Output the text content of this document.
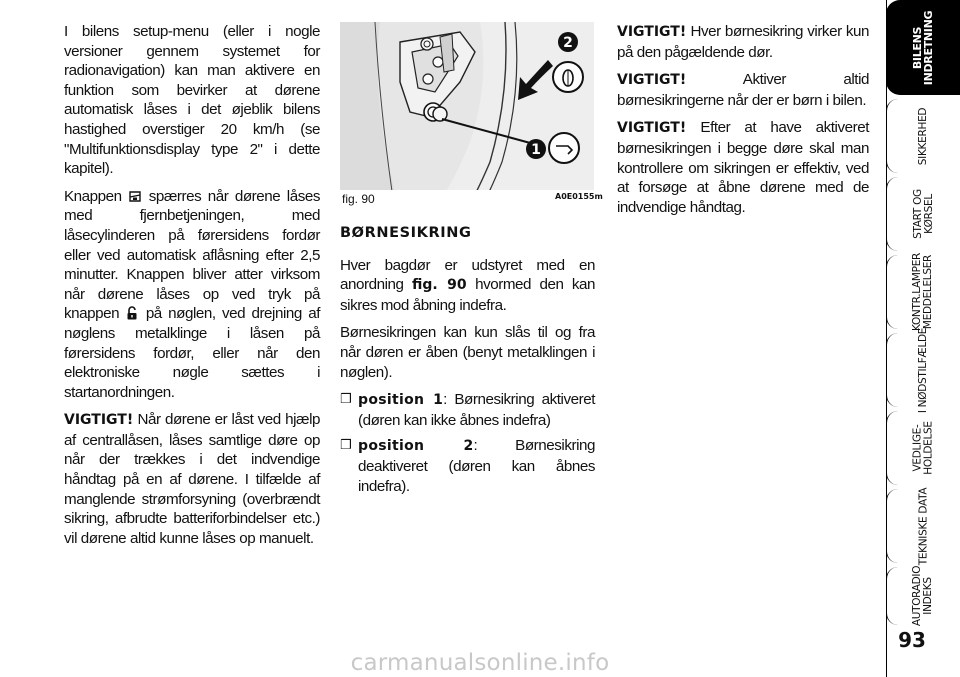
I bilens setup-menu (eller i nogle versioner gennem systemet for radionavigation) kan man aktivere en funktion som bevirker at dørene automatisk låses i det øjeblik bilens hastighed overstiger 20 km/h (se "Multifunktionsdisplay type 2" i dette kapitel).

Knappen spærres når dørene låses med fjernbetjeningen, med låsecylinderen på førersidens fordør eller ved automatisk aflåsning efter 2,5 minutter. Knappen bliver atter virksom når dørene låses op ved tryk på knappen på nøglen, ved drejning af nøglens metalklinge i låsen på førersidens fordør, eller når den elektroniske nøgle sættes i startanordningen.

VIGTIGT! Når dørene er låst ved hjælp af centrallåsen, låses samtlige døre op når der trækkes i det indvendige håndtag på en af dørene. I tilfælde af manglende strømforsyning (overbrændt sikring, afbrudte batteriforbindelser etc.) vil dørene altid kunne låses op manuelt.

2
1
fig. 90	A0E0155m

BØRNESIKRING

Hver bagdør er udstyret med en anordning fig. 90 hvormed den kan sikres mod åbning indefra.

Børnesikringen kan kun slås til og fra når døren er åben (benyt metalklingen i nøglen).

❒ position 1: Børnesikring aktiveret (døren kan ikke åbnes indefra)
❒ position 2: Børnesikring deaktiveret (døren kan åbnes indefra).

VIGTIGT! Hver børnesikring virker kun på den pågældende dør.

VIGTIGT!	Aktiver altid børnesikringerne når der er børn i bilen.

VIGTIGT! Efter at have aktiveret børnesikringen i begge døre skal man kontrollere om sikringen er effektiv, ved at forsøge at åbne dørene med de indvendige håndtag.

BILENS
INDRETNING
SIKKERHED
START OG
KØRSEL
KONTR.LAMPER
MEDDELELSER
I NØDSTILFÆLDE
VEDLIGE-
HOLDELSE
TEKNISKE DATA
AUTORADIO
INDEKS
93
carmanualsonline.info
